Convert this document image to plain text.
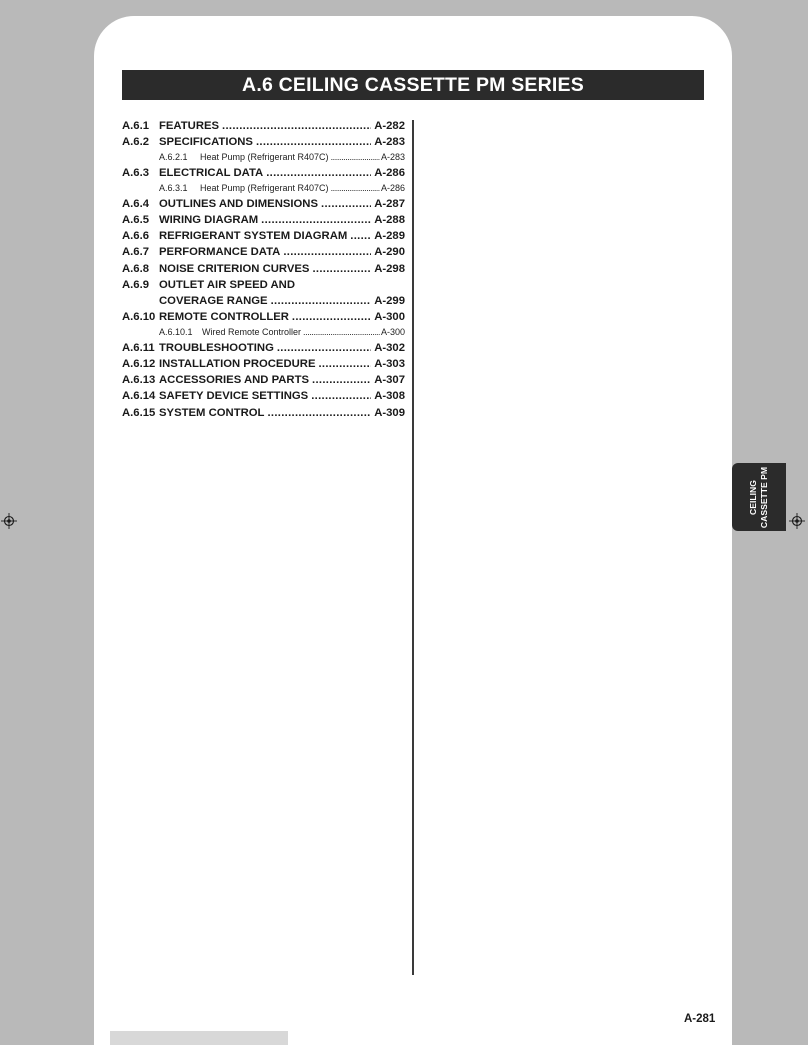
A.6 CEILING CASSETTE PM SERIES
A.6.1 FEATURES .....	A-282
A.6.2 SPECIFICATIONS .....	A-283
A.6.2.1 Heat Pump (Refrigerant R407C) .....	A-283
A.6.3 ELECTRICAL DATA .....	A-286
A.6.3.1 Heat Pump (Refrigerant R407C) .....	A-286
A.6.4 OUTLINES AND DIMENSIONS .....	A-287
A.6.5 WIRING DIAGRAM .....	A-288
A.6.6 REFRIGERANT SYSTEM DIAGRAM ..... A-289
A.6.7 PERFORMANCE DATA .....	A-290
A.6.8 NOISE CRITERION CURVES .....	A-298
A.6.9 OUTLET AIR SPEED AND
COVERAGE RANGE .....	A-299
A.6.10 REMOTE CONTROLLER .....	A-300
A.6.10.1 Wired Remote Controller .....	A-300
A.6.11 TROUBLESHOOTING .....	A-302
A.6.12 INSTALLATION PROCEDURE .....	A-303
A.6.13 ACCESSORIES AND PARTS .....	A-307
A.6.14 SAFETY DEVICE SETTINGS .....	A-308
A.6.15 SYSTEM CONTROL .....	A-309
CEILING CASSETTE PM
A-281
